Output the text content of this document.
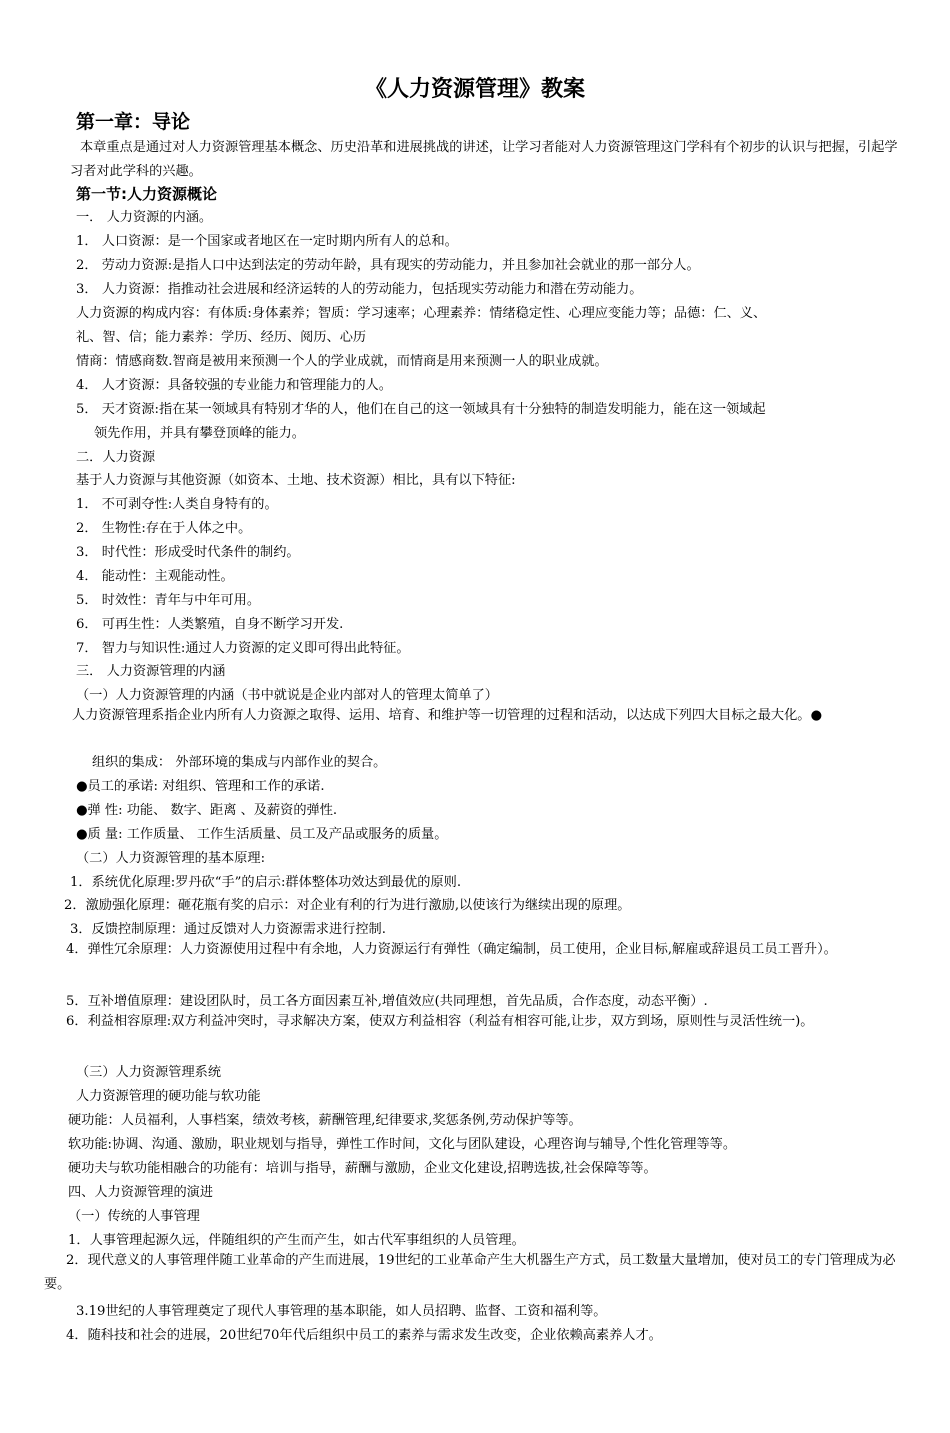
《人力资源管理》教案
第一章：导论
本章重点是通过对人力资源管理基本概念、历史沿革和进展挑战的讲述，让学习者能对人力资源管理这门学科有个初步的认识与把握，引起学习者对此学科的兴趣。
第一节:人力资源概论
一． 人力资源的内涵。
1． 人口资源：是一个国家或者地区在一定时期内所有人的总和。
2． 劳动力资源:是指人口中达到法定的劳动年龄，具有现实的劳动能力，并且参加社会就业的那一部分人。
3． 人力资源：指推动社会进展和经济运转的人的劳动能力，包括现实劳动能力和潜在劳动能力。
人力资源的构成内容：有体质:身体素养；智质：学习速率；心理素养：情绪稳定性、心理应变能力等；品德：仁、义、
礼、智、信；能力素养：学历、经历、阅历、心历
情商：情感商数.智商是被用来预测一个人的学业成就，而情商是用来预测一人的职业成就。
4． 人才资源：具备较强的专业能力和管理能力的人。
5． 天才资源:指在某一领域具有特别才华的人，他们在自己的这一领域具有十分独特的制造发明能力，能在这一领域起
领先作用，并具有攀登顶峰的能力。
二．人力资源
基于人力资源与其他资源（如资本、土地、技术资源）相比，具有以下特征:
1． 不可剥夺性:人类自身特有的。
2． 生物性:存在于人体之中。
3． 时代性：形成受时代条件的制约。
4． 能动性：主观能动性。
5． 时效性：青年与中年可用。
6． 可再生性：人类繁殖，自身不断学习开发.
7． 智力与知识性:通过人力资源的定义即可得出此特征。
三． 人力资源管理的内涵
（一）人力资源管理的内涵（书中就说是企业内部对人的管理太简单了）
人力资源管理系指企业内所有人力资源之取得、运用、培育、和维护等一切管理的过程和活动，以达成下列四大目标之最大化。●
组织的集成： 外部环境的集成与内部作业的契合。
●员工的承诺: 对组织、管理和工作的承诺.
●弹 性: 功能、 数字、距离 、及薪资的弹性.
●质 量: 工作质量、 工作生活质量、员工及产品或服务的质量。
（二）人力资源管理的基本原理:
1．系统优化原理:罗丹砍“手”的启示:群体整体功效达到最优的原则.
2．激励强化原理：砸花瓶有奖的启示：对企业有利的行为进行激励,以使该行为继续出现的原理。
3．反馈控制原理：通过反馈对人力资源需求进行控制.
4．弹性冗余原理：人力资源使用过程中有余地，人力资源运行有弹性（确定编制，员工使用，企业目标,解雇或辞退员工员工晋升）。
5．互补增值原理：建设团队时，员工各方面因素互补,增值效应(共同理想，首先品质，合作态度，动态平衡）.
6．利益相容原理:双方利益冲突时，寻求解决方案，使双方利益相容（利益有相容可能,让步，双方到场，原则性与灵活性统一)。
（三）人力资源管理系统
人力资源管理的硬功能与软功能
硬功能：人员福利，人事档案，绩效考核，薪酬管理,纪律要求,奖惩条例,劳动保护等等。
软功能:协调、沟通、激励，职业规划与指导，弹性工作时间，文化与团队建设，心理咨询与辅导,个性化管理等等。
硬功夫与软功能相融合的功能有：培训与指导，薪酬与激励，企业文化建设,招聘选拔,社会保障等等。
四、人力资源管理的演进
（一）传统的人事管理
1．人事管理起源久远，伴随组织的产生而产生，如古代军事组织的人员管理。
2．现代意义的人事管理伴随工业革命的产生而进展，19世纪的工业革命产生大机器生产方式，员工数量大量增加，使对员工的专门管理成为必要。
3.19世纪的人事管理奠定了现代人事管理的基本职能，如人员招聘、监督、工资和福利等。
4．随科技和社会的进展，20世纪70年代后组织中员工的素养与需求发生改变，企业依赖高素养人才。
